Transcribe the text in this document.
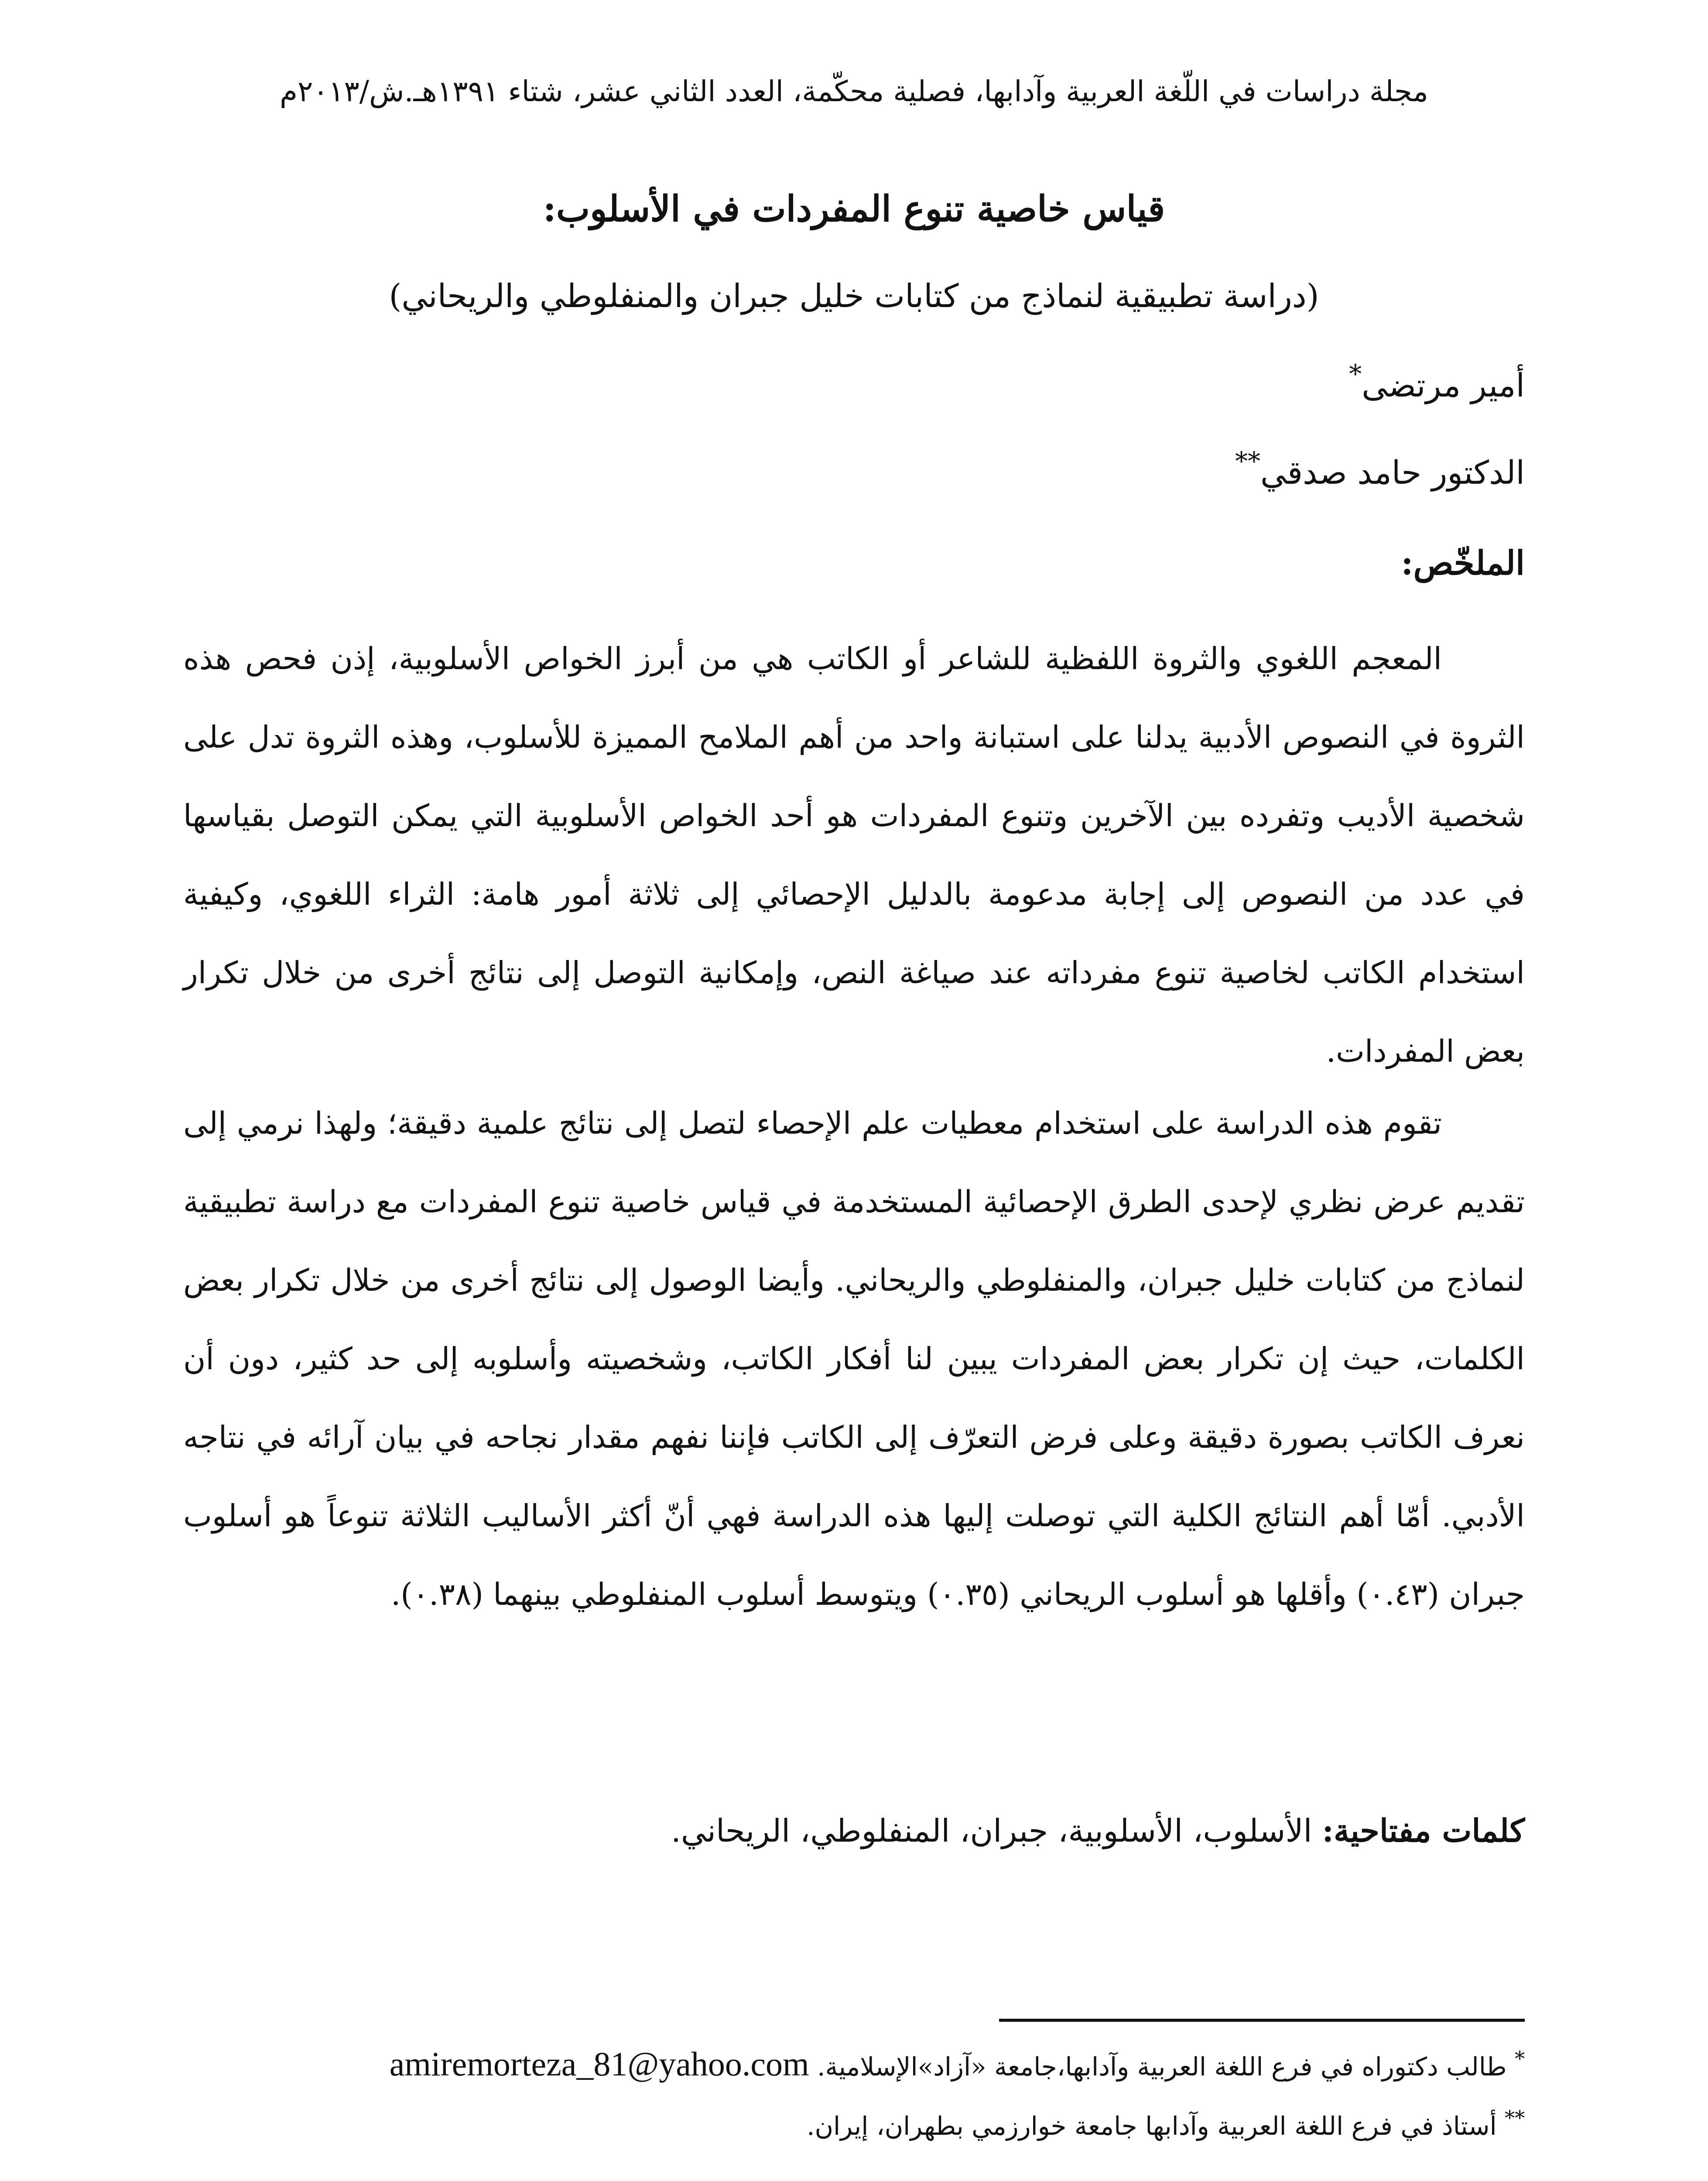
مجلة دراسات في اللّغة العربية وآدابها، فصلية محكّمة، العدد الثاني عشر، شتاء ١٣٩١هـ.ش/٢٠١٣م
قياس خاصية تنوع المفردات في الأسلوب:
(دراسة تطبيقية لنماذج من كتابات خليل جبران والمنفلوطي والريحاني)
أمير مرتضى*
الدكتور حامد صدقي**
الملخّص:

المعجم اللغوي والثروة اللفظية للشاعر أو الكاتب هي من أبرز الخواص الأسلوبية، إذن فحص هذه الثروة في النصوص الأدبية يدلنا على استبانة واحد من أهم الملامح المميزة للأسلوب، وهذه الثروة تدل على شخصية الأديب وتفرده بين الآخرين وتنوع المفردات هو أحد الخواص الأسلوبية التي يمكن التوصل بقياسها في عدد من النصوص إلى إجابة مدعومة بالدليل الإحصائي إلى ثلاثة أمور هامة: الثراء اللغوي، وكيفية استخدام الكاتب لخاصية تنوع مفرداته عند صياغة النص، وإمكانية التوصل إلى نتائج أخرى من خلال تكرار بعض المفردات.

تقوم هذه الدراسة على استخدام معطيات علم الإحصاء لتصل إلى نتائج علمية دقيقة؛ ولهذا نرمي إلى تقديم عرض نظري لإحدى الطرق الإحصائية المستخدمة في قياس خاصية تنوع المفردات مع دراسة تطبيقية لنماذج من كتابات خليل جبران، والمنفلوطي والريحاني. وأيضا الوصول إلى نتائج أخرى من خلال تكرار بعض الكلمات، حيث إن تكرار بعض المفردات يبين لنا أفكار الكاتب، وشخصيته وأسلوبه إلى حد كثير، دون أن نعرف الكاتب بصورة دقيقة وعلى فرض التعرّف إلى الكاتب فإننا نفهم مقدار نجاحه في بيان آرائه في نتاجه الأدبي. أمّا أهم النتائج الكلية التي توصلت إليها هذه الدراسة فهي أنّ أكثر الأساليب الثلاثة تنوعاً هو أسلوب جبران (٠.٤٣) وأقلها هو أسلوب الريحاني (٠.٣٥) ويتوسط أسلوب المنفلوطي بينهما (٠.٣٨).

كلمات مفتاحية: الأسلوب، الأسلوبية، جبران، المنفلوطي، الريحاني.
* طالب دكتوراه في فرع اللغة العربية وآدابها،جامعة «آزاد»الإسلامية. amiremorteza_81@yahoo.com
** أستاذ في فرع اللغة العربية وآدابها جامعة خوارزمي بطهران، إيران.
